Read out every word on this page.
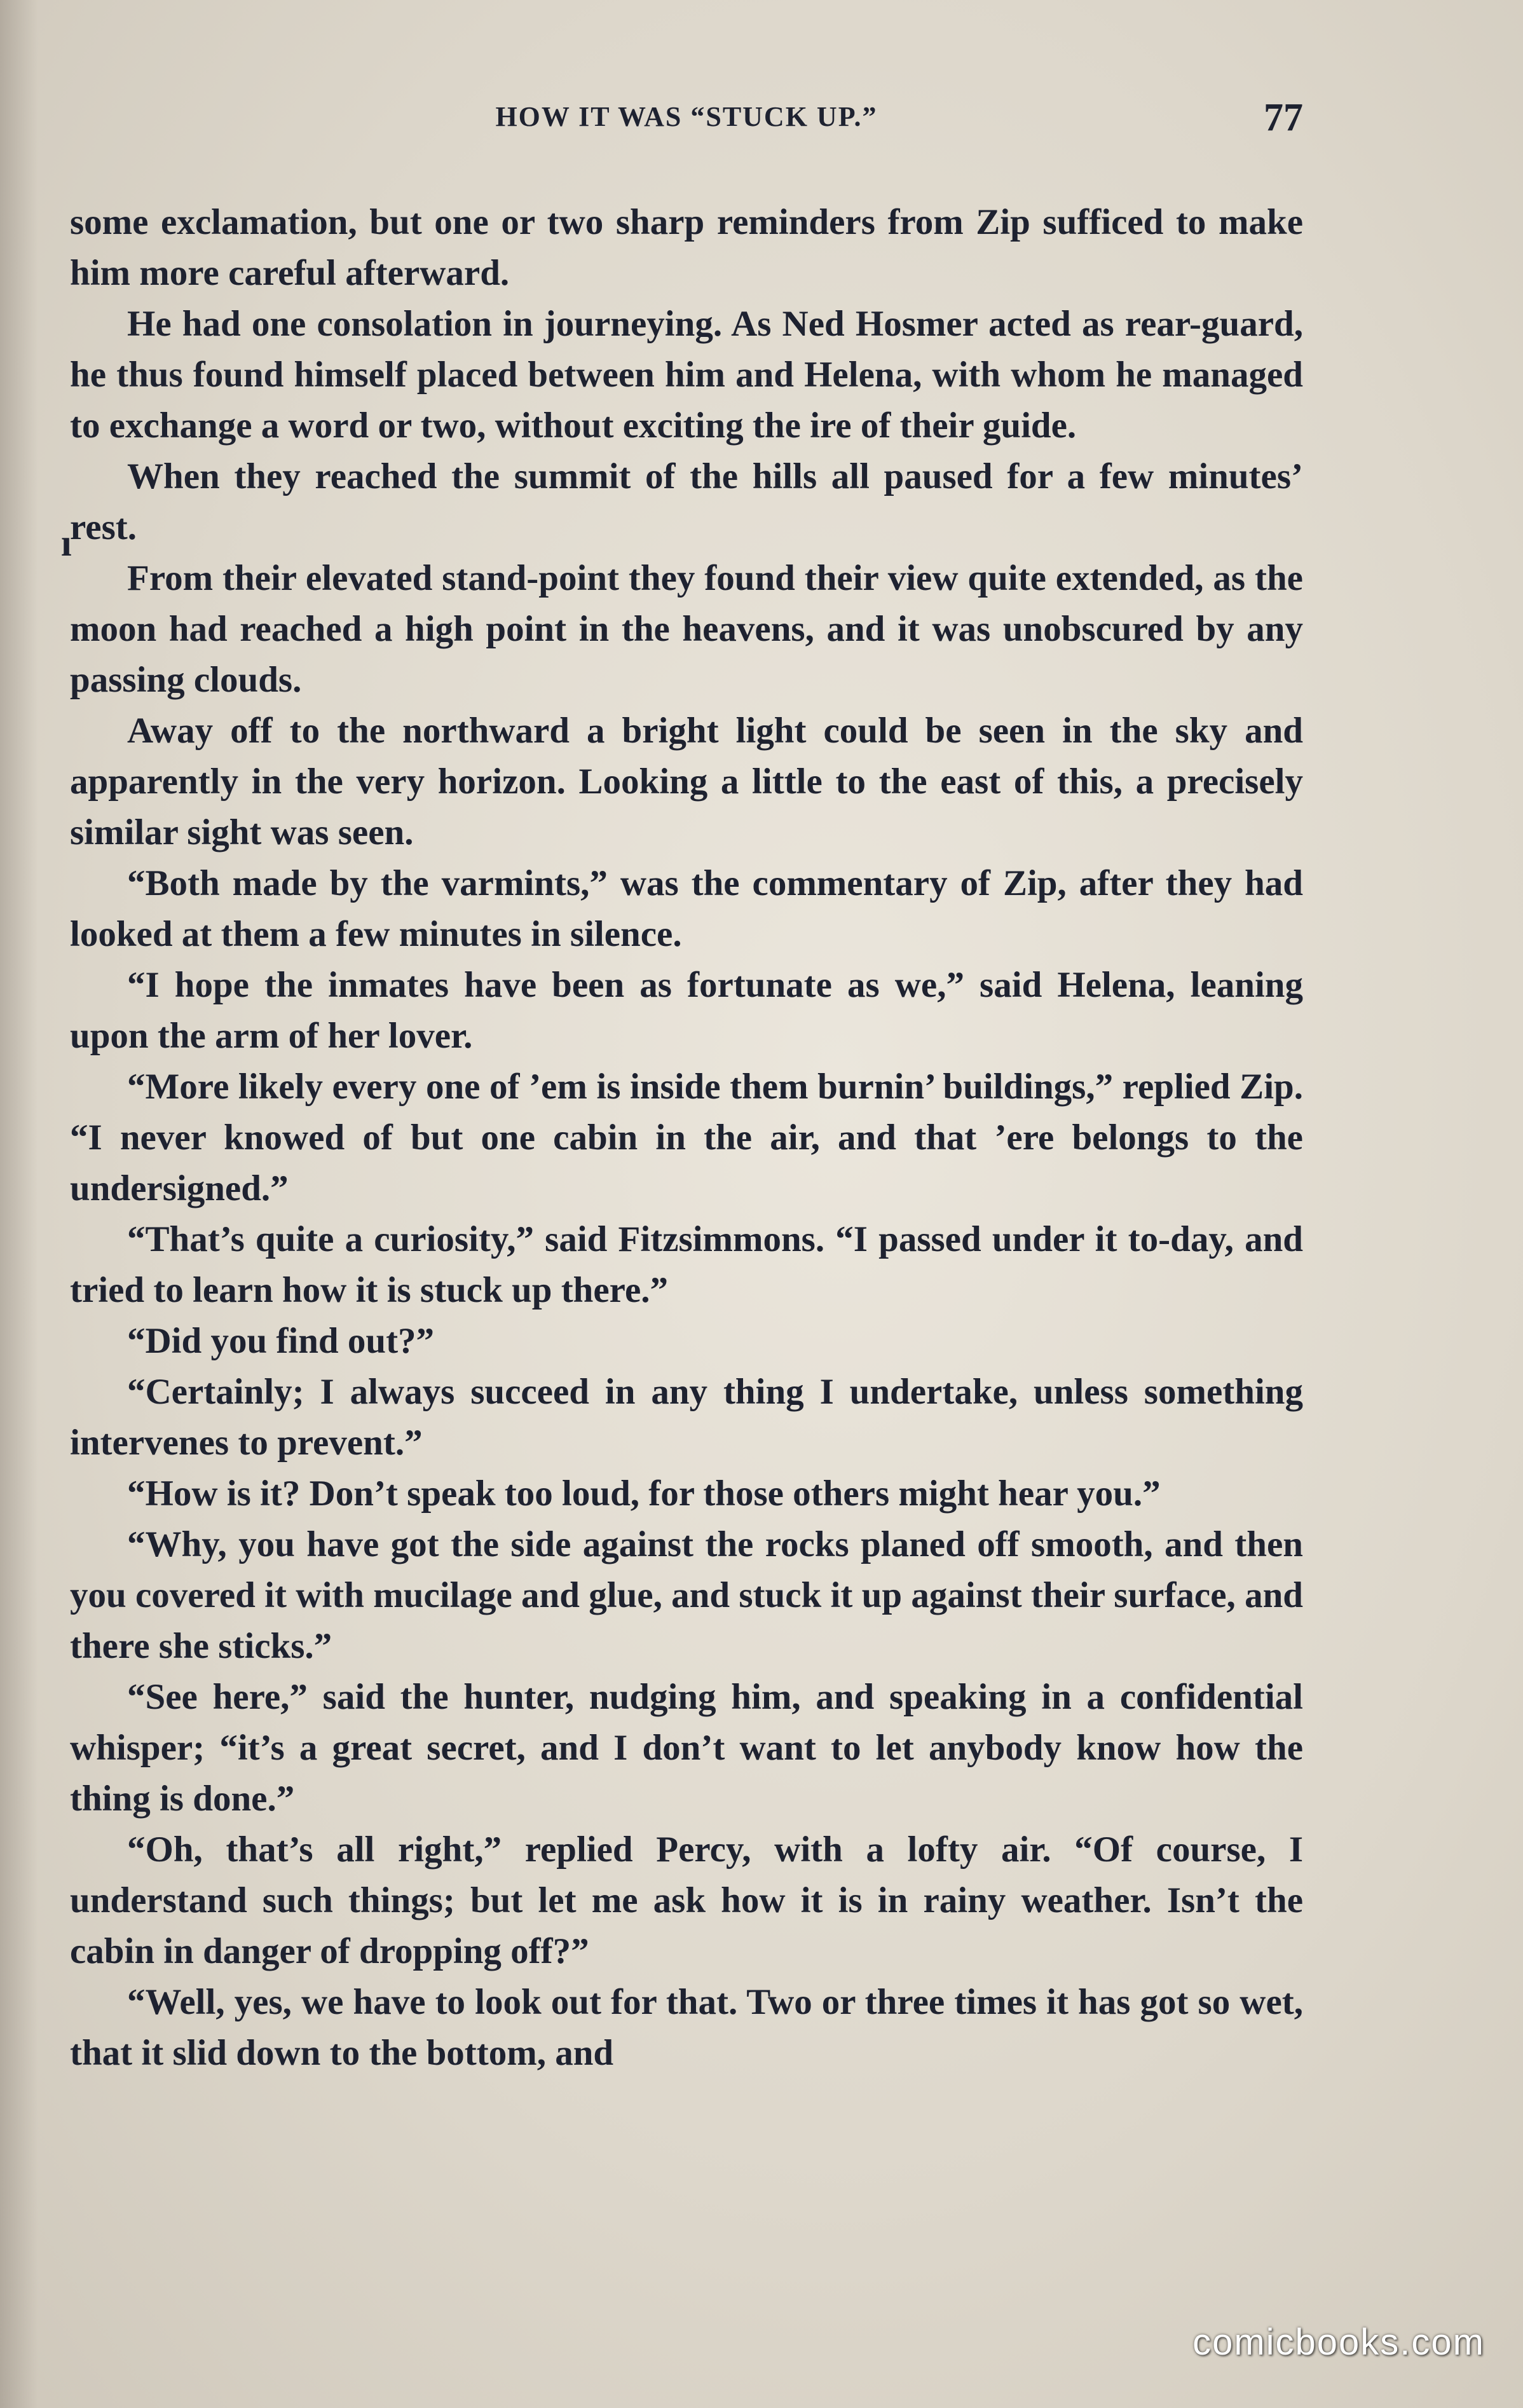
HOW IT WAS “STUCK UP.”	77
ı

some exclamation, but one or two sharp reminders from Zip sufficed to make him more careful afterward.

He had one consolation in journeying. As Ned Hosmer acted as rear-guard, he thus found himself placed between him and Helena, with whom he managed to exchange a word or two, without exciting the ire of their guide.

When they reached the summit of the hills all paused for a few minutes’ rest.

From their elevated stand-point they found their view quite extended, as the moon had reached a high point in the heavens, and it was unobscured by any passing clouds.

Away off to the northward a bright light could be seen in the sky and apparently in the very horizon. Looking a little to the east of this, a precisely similar sight was seen.

“Both made by the varmints,” was the commentary of Zip, after they had looked at them a few minutes in silence.

“I hope the inmates have been as fortunate as we,” said Helena, leaning upon the arm of her lover.

“More likely every one of ’em is inside them burnin’ buildings,” replied Zip. “I never knowed of but one cabin in the air, and that ’ere belongs to the undersigned.”

“That’s quite a curiosity,” said Fitzsimmons. “I passed under it to-day, and tried to learn how it is stuck up there.”

“Did you find out?”

“Certainly; I always succeed in any thing I undertake, unless something intervenes to prevent.”

“How is it? Don’t speak too loud, for those others might hear you.”

“Why, you have got the side against the rocks planed off smooth, and then you covered it with mucilage and glue, and stuck it up against their surface, and there she sticks.”

“See here,” said the hunter, nudging him, and speaking in a confidential whisper; “it’s a great secret, and I don’t want to let anybody know how the thing is done.”

“Oh, that’s all right,” replied Percy, with a lofty air. “Of course, I understand such things; but let me ask how it is in rainy weather. Isn’t the cabin in danger of dropping off?”

“Well, yes, we have to look out for that. Two or three times it has got so wet, that it slid down to the bottom, and

comicbooks.com
